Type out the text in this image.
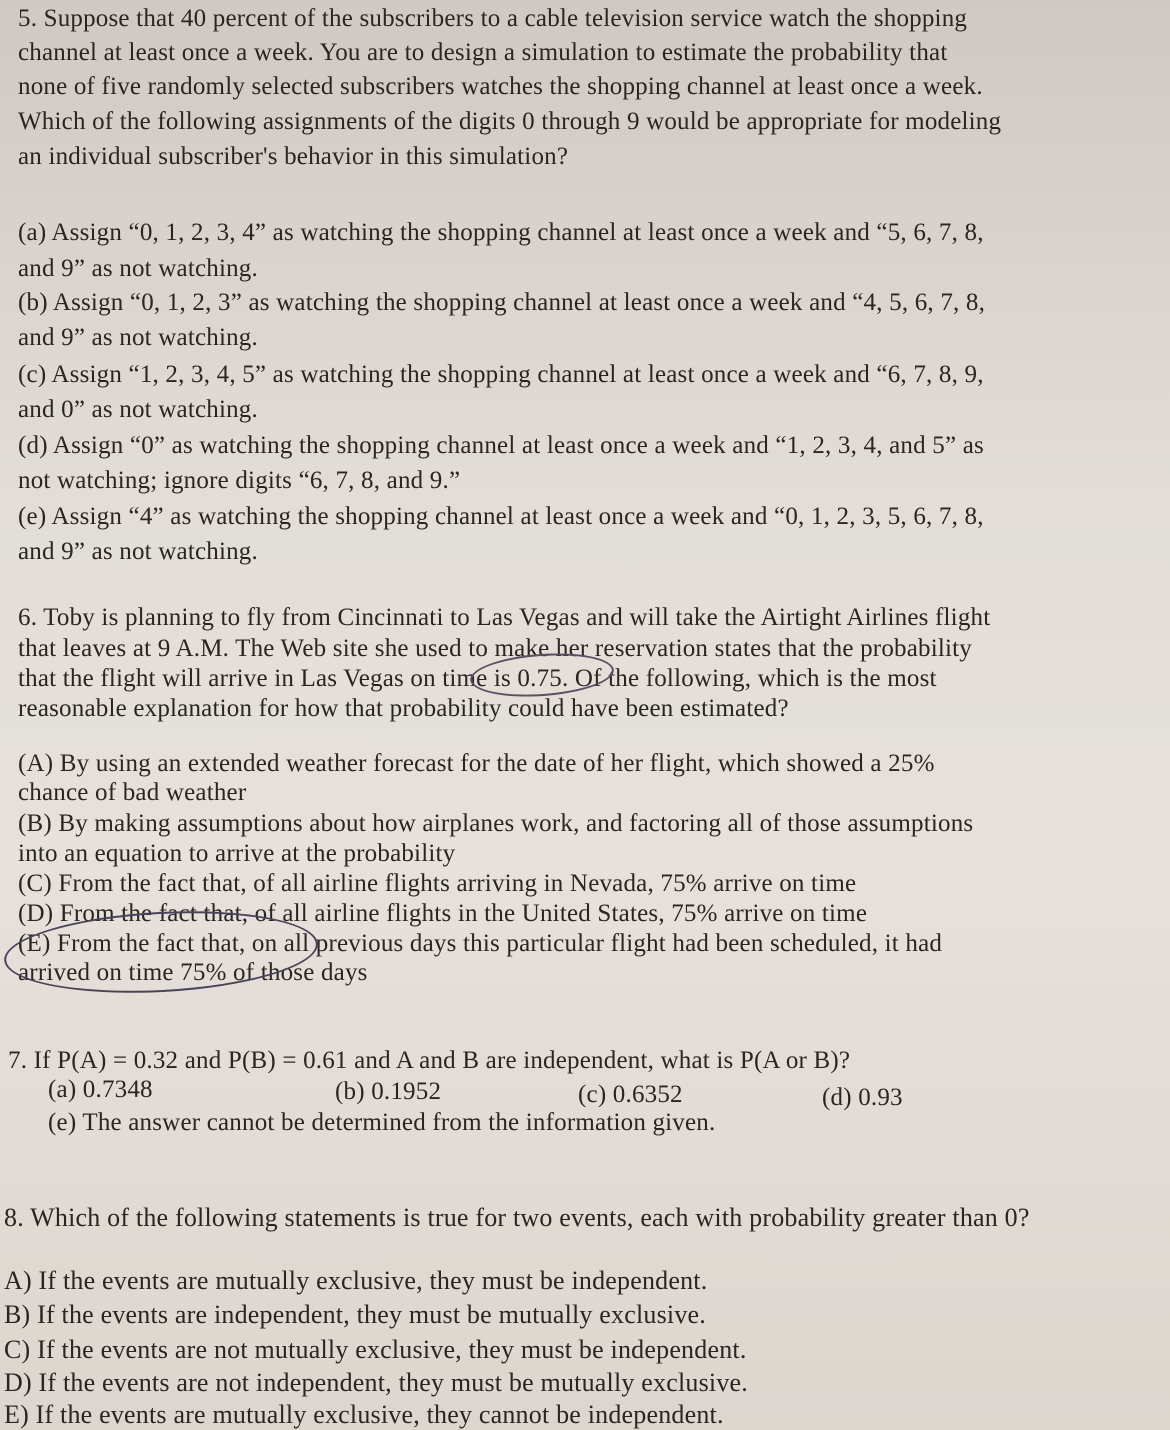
5. Suppose that 40 percent of the subscribers to a cable television service watch the shopping
channel at least once a week. You are to design a simulation to estimate the probability that
none of five randomly selected subscribers watches the shopping channel at least once a week.
Which of the following assignments of the digits 0 through 9 would be appropriate for modeling
an individual subscriber's behavior in this simulation?
(a) Assign “0, 1, 2, 3, 4” as watching the shopping channel at least once a week and “5, 6, 7, 8,
and 9” as not watching.
(b) Assign “0, 1, 2, 3” as watching the shopping channel at least once a week and “4, 5, 6, 7, 8,
and 9” as not watching.
(c) Assign “1, 2, 3, 4, 5” as watching the shopping channel at least once a week and “6, 7, 8, 9,
and 0” as not watching.
(d) Assign “0” as watching the shopping channel at least once a week and “1, 2, 3, 4, and 5” as
not watching; ignore digits “6, 7, 8, and 9.”
(e) Assign “4” as watching the shopping channel at least once a week and “0, 1, 2, 3, 5, 6, 7, 8,
and 9” as not watching.
6. Toby is planning to fly from Cincinnati to Las Vegas and will take the Airtight Airlines flight
that leaves at 9 A.M. The Web site she used to make her reservation states that the probability
that the flight will arrive in Las Vegas on time is 0.75. Of the following, which is the most
reasonable explanation for how that probability could have been estimated?
(A) By using an extended weather forecast for the date of her flight, which showed a 25%
chance of bad weather
(B) By making assumptions about how airplanes work, and factoring all of those assumptions
into an equation to arrive at the probability
(C) From the fact that, of all airline flights arriving in Nevada, 75% arrive on time
(D) From the fact that, of all airline flights in the United States, 75% arrive on time
(E) From the fact that, on all previous days this particular flight had been scheduled, it had
arrived on time 75% of those days
7. If P(A) = 0.32 and P(B) = 0.61 and A and B are independent, what is P(A or B)?
(a) 0.7348	(b) 0.1952	(c) 0.6352	(d) 0.93
(e) The answer cannot be determined from the information given.
8. Which of the following statements is true for two events, each with probability greater than 0?
A) If the events are mutually exclusive, they must be independent.
B) If the events are independent, they must be mutually exclusive.
C) If the events are not mutually exclusive, they must be independent.
D) If the events are not independent, they must be mutually exclusive.
E) If the events are mutually exclusive, they cannot be independent.
